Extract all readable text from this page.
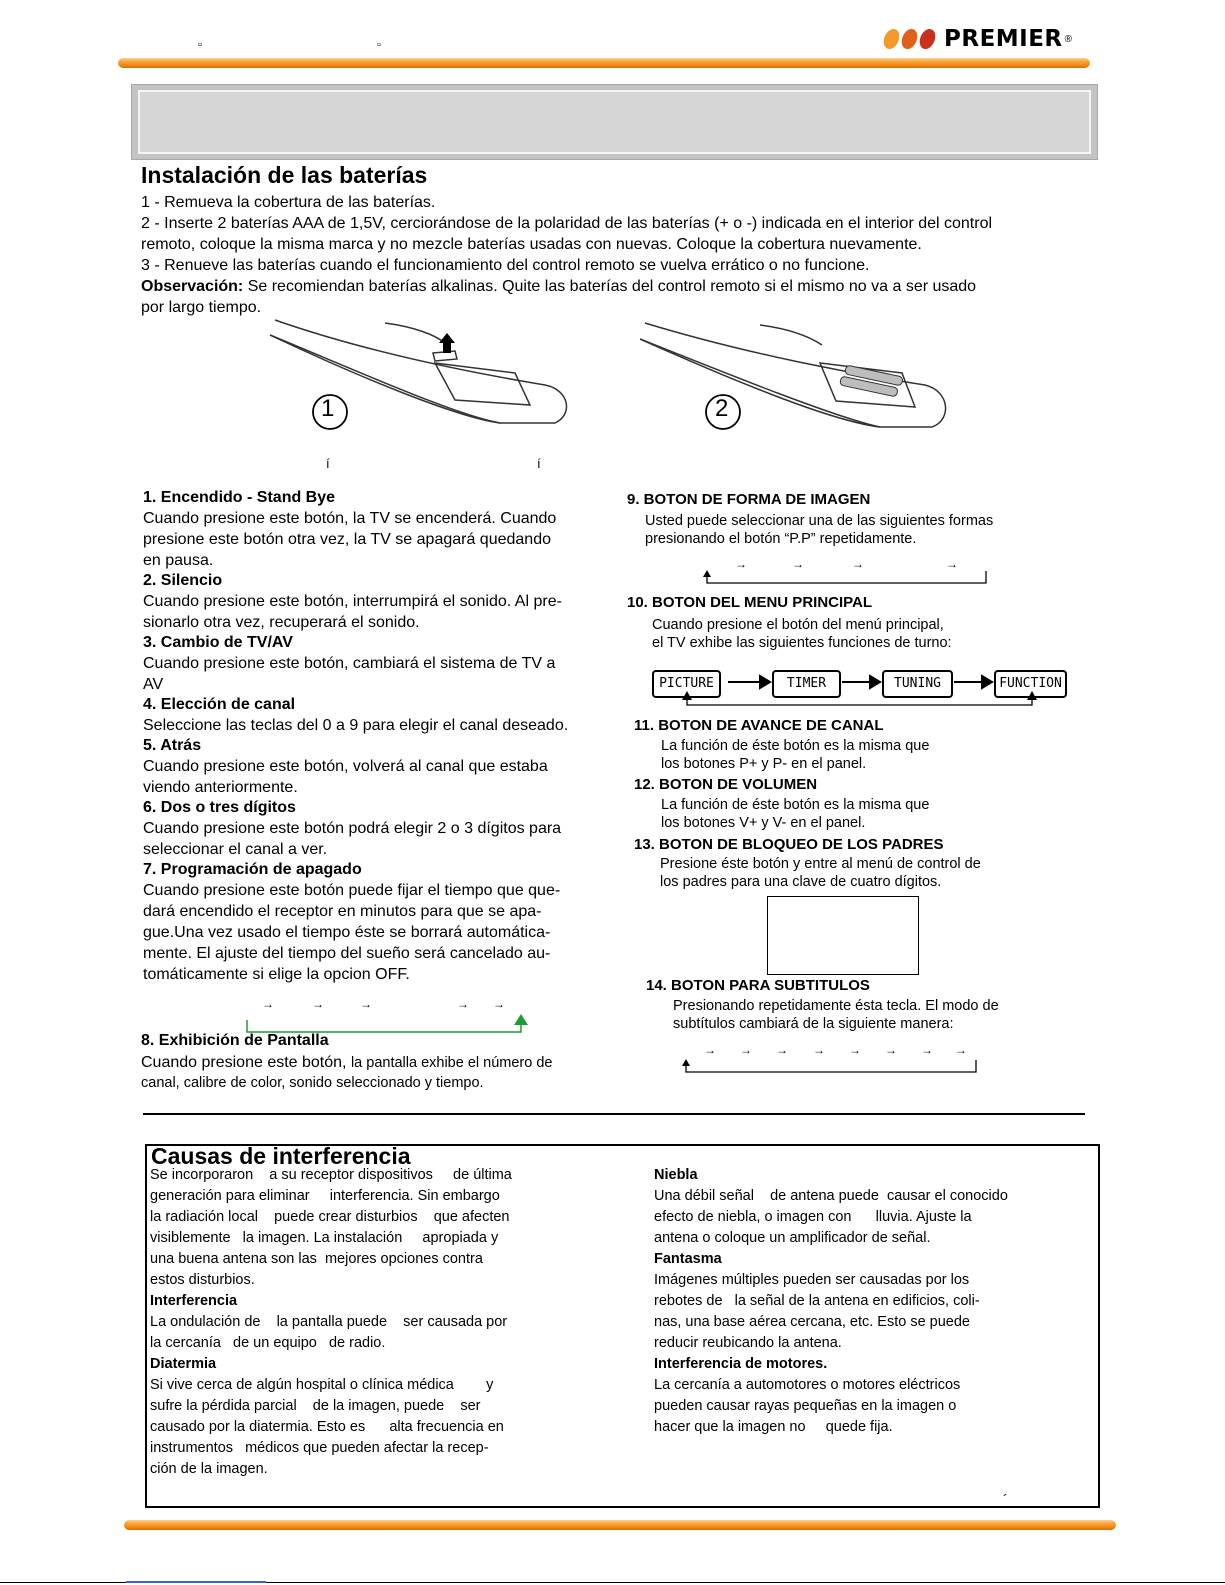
▫	▫	PREMIER ®
Instalación de las baterías

1 - Remueva la cobertura de las baterías.

2 - Inserte 2 baterías AAA de 1,5V, cerciorándose de la polaridad de las baterías (+ o -) indicada en el interior del control

remoto, coloque la misma marca y no mezcle baterías usadas con nuevas. Coloque la cobertura nuevamente.

3 - Renueve las baterías cuando el funcionamiento del control remoto se vuelva errático o no funcione.

Observación: Se recomiendan baterías alkalinas. Quite las baterías del control remoto si el mismo no va a ser usado

por largo tiempo.

1	2
í	í

1. Encendido - Stand Bye

Cuando presione este botón, la TV se encenderá. Cuando
presione este botón otra vez, la TV se apagará quedando
en pausa.

2. Silencio

Cuando presione este botón, interrumpirá el sonido. Al pre-
sionarlo otra vez, recuperará el sonido.

3. Cambio de TV/AV

Cuando presione este botón, cambiará el sistema de TV a
AV

4. Elección de canal

Seleccione las teclas del 0 a 9 para elegir el canal deseado.

5. Atrás

Cuando presione este botón, volverá al canal que estaba
viendo anteriormente.

6. Dos o tres dígitos

Cuando presione este botón podrá elegir 2 o 3 dígitos para
seleccionar el canal a ver.

7. Programación de apagado

Cuando presione este botón puede fijar el tiempo que que-
dará encendido el receptor en minutos para que se apa-
gue.Una vez usado el tiempo éste se borrará automática-
mente. El ajuste del tiempo del sueño será cancelado au-
tomáticamente si elige la opcion OFF.
→	→	→	→ →

8. Exhibición de Pantalla

Cuando presione este botón, la pantalla exhibe el número de

canal, calibre de color, sonido seleccionado y tiempo.

9. BOTON DE FORMA DE IMAGEN

Usted puede seleccionar una de las siguientes formas

presionando el botón “P.P” repetidamente.

→	→	→	→

10. BOTON DEL MENU PRINCIPAL

Cuando presione el botón del menú principal,

el TV exhibe las siguientes funciones de turno:

PICTURE	TIMER	TUNING	FUNCTION

11. BOTON DE AVANCE DE CANAL

La función de éste botón es la misma que

los botones P+ y P- en el panel.

12. BOTON DE VOLUMEN

La función de éste botón es la misma que

los botones V+ y V- en el panel.

13. BOTON DE BLOQUEO DE LOS PADRES

Presione éste botón y entre al menú de control de

los padres para una clave de cuatro dígitos.

14. BOTON PARA SUBTITULOS

Presionando repetidamente ésta tecla. El modo de

subtítulos cambiará de la siguiente manera:

→ → → → → → → →
Causas de interferencia
Se incorporaron    a su receptor dispositivos     de última
generación para eliminar     interferencia. Sin embargo
la radiación local    puede crear disturbios    que afecten
visiblemente   la imagen. La instalación     apropiada y
una buena antena son las  mejores opciones contra
estos disturbios.
Interferencia
La ondulación de    la pantalla puede    ser causada por
la cercanía   de un equipo   de radio.
Diatermia
Si vive cerca de algún hospital o clínica médica        y
sufre la pérdida parcial    de la imagen, puede    ser
causado por la diatermia. Esto es      alta frecuencia en
instrumentos   médicos que pueden afectar la recep-
ción de la imagen.
Niebla
Una débil señal    de antena puede  causar el conocido
efecto de niebla, o imagen con      lluvia. Ajuste la
antena o coloque un amplificador de señal.
Fantasma
Imágenes múltiples pueden ser causadas por los
rebotes de   la señal de la antena en edificios, coli-
nas, una base aérea cercana, etc. Esto se puede
reducir reubicando la antena.
Interferencia de motores.
La cercanía a automotores o motores eléctricos
pueden causar rayas pequeñas en la imagen o
hacer que la imagen no     quede fija.
´
